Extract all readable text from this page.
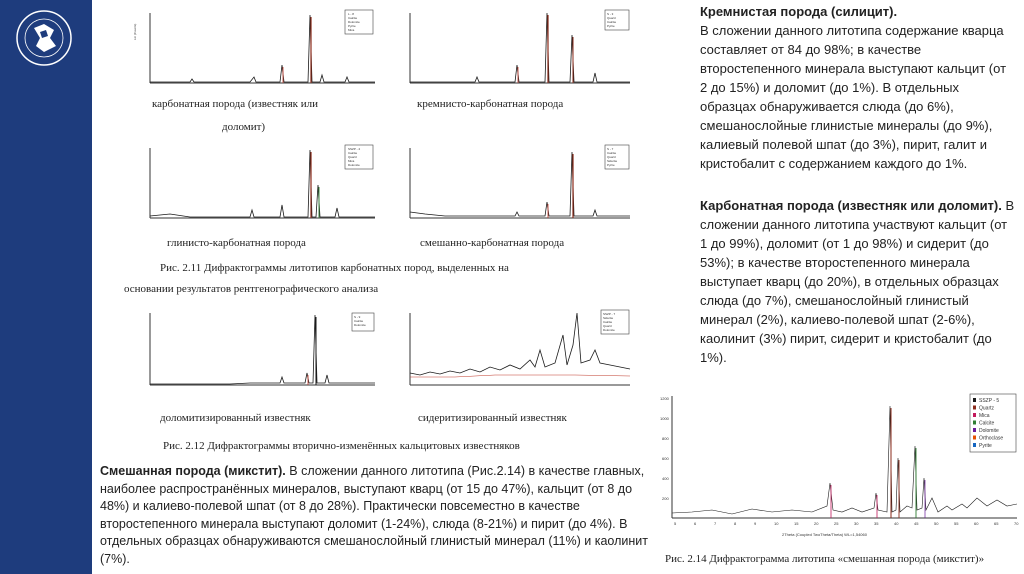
Lin (Counts)
L - 8
Calcite
Dolomite
Pyrite
Mica
карбонатная порода (известняк или
доломит)
S - 3
Quartz
Calcite
Pyrite
кремнисто-карбонатная порода
SSZP - 2
Calcite
Quartz
Mica
Dolomite
глинисто-карбонатная порода
S - 7
Calcite
Quartz
Siderite
Pyrite
смешанно-карбонатная порода
Рис. 2.11 Дифрактограммы литотипов карбонатных пород, выделенных на
основании результатов рентгенографического анализа
S - 9
Calcite
Dolomite
доломитизированный известняк
SSZP - 7
Siderite
Calcite
Quartz
Dolomite
сидеритизированный известняк
Рис. 2.12 Дифрактограммы вторично-изменённых кальцитовых известняков
Смешанная порода (микстит). В сложении данного литотипа (Рис.2.14) в качестве главных, наиболее распространённых минералов, выступают кварц (от 15 до 47%), кальцит (от 8 до 48%) и калиево-полевой шпат (от 8 до 28%). Практически повсеместно в качестве второстепенного минерала выступают доломит (1-24%), слюда (8-21%) и пирит (до 4%). В отдельных образцах обнаруживаются смешанослойный глинистый минерал (11%) и каолинит (7%).
Кремнистая порода (силицит).
В сложении данного литотипа содержание кварца составляет от 84 до 98%; в качестве второстепенного минерала выступают кальцит (от 2 до 15%) и доломит (до 1%). В отдельных образцах обнаруживается слюда (до 6%), смешанослойные глинистые минералы (до 9%), калиевый полевой шпат (до 3%), пирит, галит и кристобалит с содержанием каждого до 1%.
Карбонатная порода (известняк или доломит). В сложении данного литотипа участвуют кальцит (от 1 до 99%), доломит (от 1 до 98%) и сидерит (до 53%); в качестве второстепенного минерала выступает кварц (до 20%), в отдельных образцах слюда (до 7%), смешанослойный глинистый минерал (2%), калиево-полевой шпат (2-6%), каолинит (3%) пирит, сидерит и кристобалит (до 1%).
1200
1000
800
600
400
200
5	6	7	8	9	10	15	20	25	30	35	40	45	50	55	60	65	70
2Theta (Coupled TwoTheta/Theta) WL=1,54060
SSZP - 5
Quartz
Mica
Calcite
Dolomite
Orthoclase
Pyrite
Рис. 2.14 Дифрактограмма литотипа «смешанная порода (микстит)»
